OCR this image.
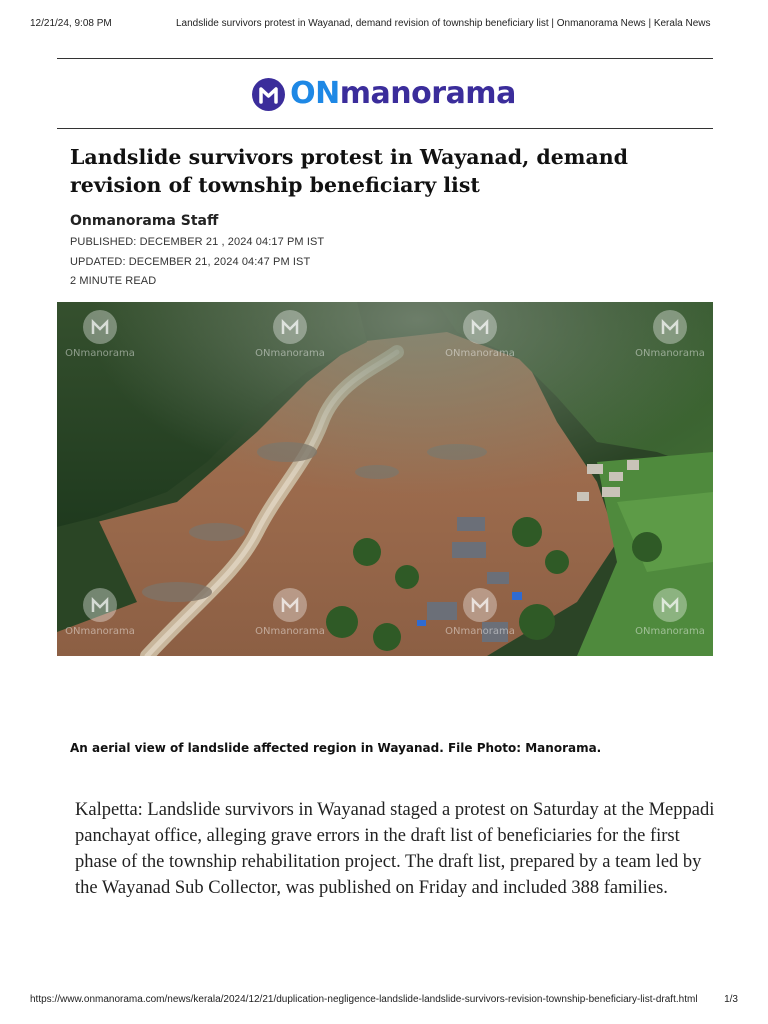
12/21/24, 9:08 PM	Landslide survivors protest in Wayanad, demand revision of township beneficiary list | Onmanorama News | Kerala News
ONmanorama
Landslide survivors protest in Wayanad, demand revision of township beneficiary list
Onmanorama Staff
PUBLISHED: DECEMBER 21 , 2024 04:17 PM IST
UPDATED: DECEMBER 21, 2024 04:47 PM IST
2 MINUTE READ
ONmanorama	ONmanorama	ONmanorama	ONmanorama
ONmanorama	ONmanorama	ONmanorama	ONmanorama

An aerial view of landslide affected region in Wayanad. File Photo: Manorama.

Kalpetta: Landslide survivors in Wayanad staged a protest on Saturday at the Meppadi panchayat office, alleging grave errors in the draft list of beneficiaries for the first phase of the township rehabilitation project. The draft list, prepared by a team led by the Wayanad Sub Collector, was published on Friday and included 388 families.

https://www.onmanorama.com/news/kerala/2024/12/21/duplication-negligence-landslide-landslide-survivors-revision-township-beneficiary-list-draft.html	1/3
